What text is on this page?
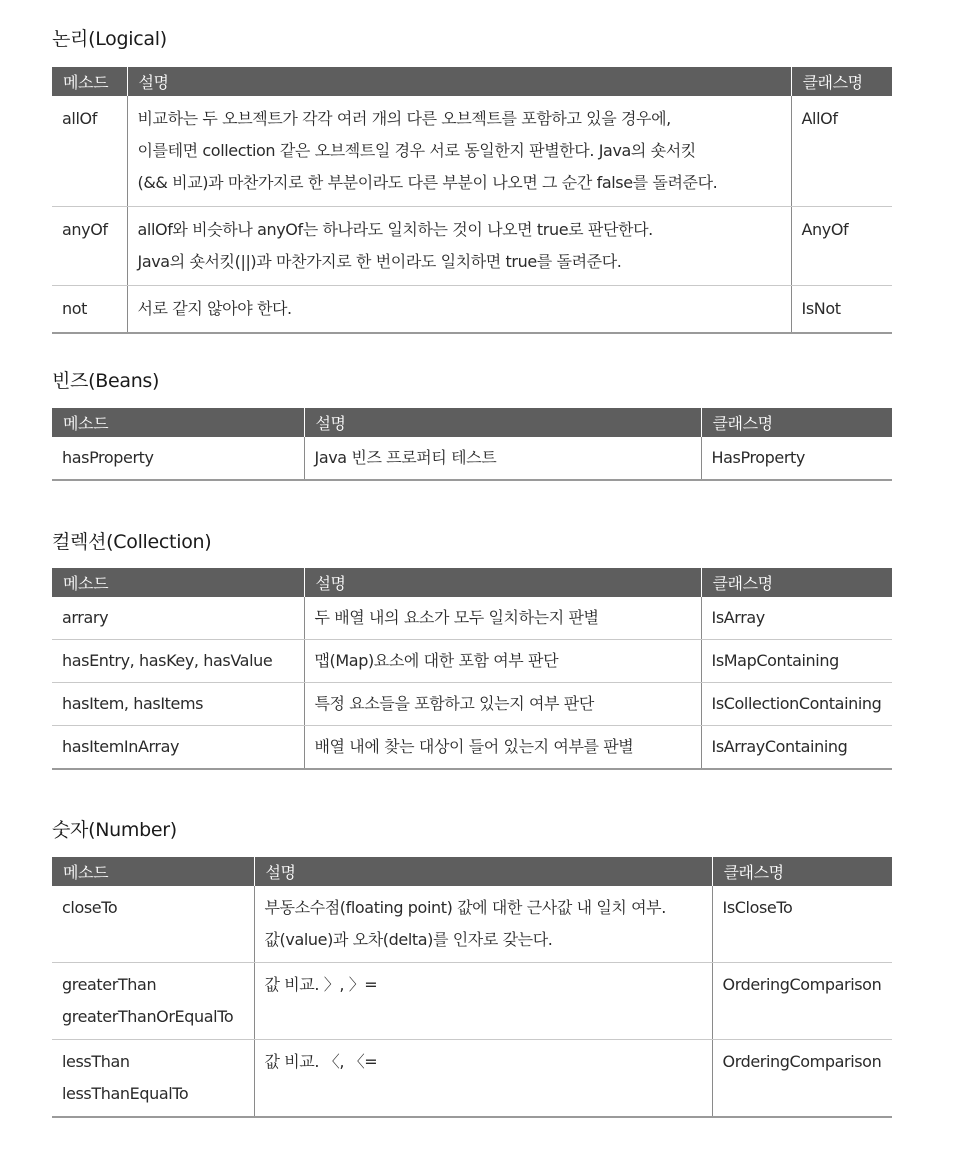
논리(Logical)
메소드	설명	클래스명
allOf	비교하는 두 오브젝트가 각각 여러 개의 다른 오브젝트를 포함하고 있을 경우에,
이를테면 collection 같은 오브젝트일 경우 서로 동일한지 판별한다. Java의 숏서킷
(&& 비교)과 마찬가지로 한 부분이라도 다른 부분이 나오면 그 순간 false를 돌려준다.	AllOf
anyOf	allOf와 비슷하나 anyOf는 하나라도 일치하는 것이 나오면 true로 판단한다.
Java의 숏서킷(||)과 마찬가지로 한 번이라도 일치하면 true를 돌려준다.	AnyOf
not	서로 같지 않아야 한다.	IsNot
빈즈(Beans)
메소드	설명	클래스명
hasProperty	Java 빈즈 프로퍼티 테스트	HasProperty
컬렉션(Collection)
메소드	설명	클래스명
arrary	두 배열 내의 요소가 모두 일치하는지 판별	IsArray
hasEntry, hasKey, hasValue	맵(Map)요소에 대한 포함 여부 판단	IsMapContaining
hasItem, hasItems	특정 요소들을 포함하고 있는지 여부 판단	IsCollectionContaining
hasItemInArray	배열 내에 찾는 대상이 들어 있는지 여부를 판별	IsArrayContaining
숫자(Number)
메소드	설명	클래스명

closeTo	부동소수점(floating point) 값에 대한 근사값 내 일치 여부.
값(value)과 오차(delta)를 인자로 갖는다.	IsCloseTo

greaterThan
greaterThanOrEqualTo	값 비교. 〉, 〉=	OrderingComparison

lessThan
lessThanEqualTo	값 비교. 〈, 〈=	OrderingComparison
